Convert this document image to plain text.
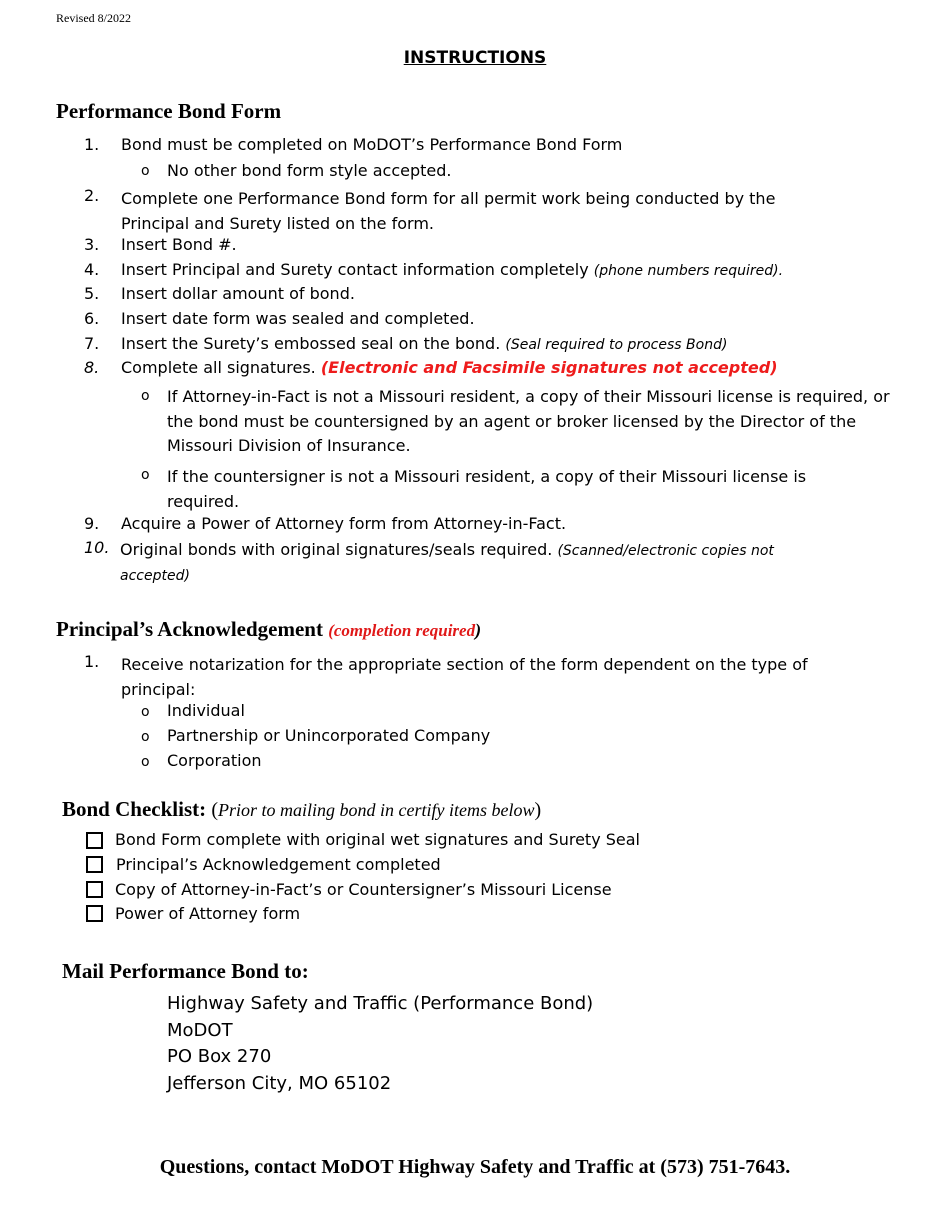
Revised 8/2022
INSTRUCTIONS
Performance Bond Form
1.	Bond must be completed on MoDOT’s Performance Bond Form
o No other bond form style accepted.
2.	Complete one Performance Bond form for all permit work being conducted by the Principal and Surety listed on the form.
3.	Insert Bond #.
4.	Insert Principal and Surety contact information completely (phone numbers required).
5.	Insert dollar amount of bond.
6.	Insert date form was sealed and completed.
7.	Insert the Surety’s embossed seal on the bond. (Seal required to process Bond)
8.	Complete all signatures. (Electronic and Facsimile signatures not accepted)
o If Attorney-in-Fact is not a Missouri resident, a copy of their Missouri license is required, or the bond must be countersigned by an agent or broker licensed by the Director of the Missouri Division of Insurance.
o If the countersigner is not a Missouri resident, a copy of their Missouri license is required.
9.	Acquire a Power of Attorney form from Attorney-in-Fact.
10. Original bonds with original signatures/seals required. (Scanned/electronic copies not accepted)
Principal’s Acknowledgement (completion required)
1.	Receive notarization for the appropriate section of the form dependent on the type of principal:
o Individual
o Partnership or Unincorporated Company
o Corporation
Bond Checklist: (Prior to mailing bond in certify items below)
Bond Form complete with original wet signatures and Surety Seal
Principal’s Acknowledgement completed
Copy of Attorney-in-Fact’s or Countersigner’s Missouri License
Power of Attorney form
Mail Performance Bond to:
Highway Safety and Traffic (Performance Bond)
MoDOT
PO Box 270
Jefferson City, MO 65102
Questions, contact MoDOT Highway Safety and Traffic at (573) 751-7643.
